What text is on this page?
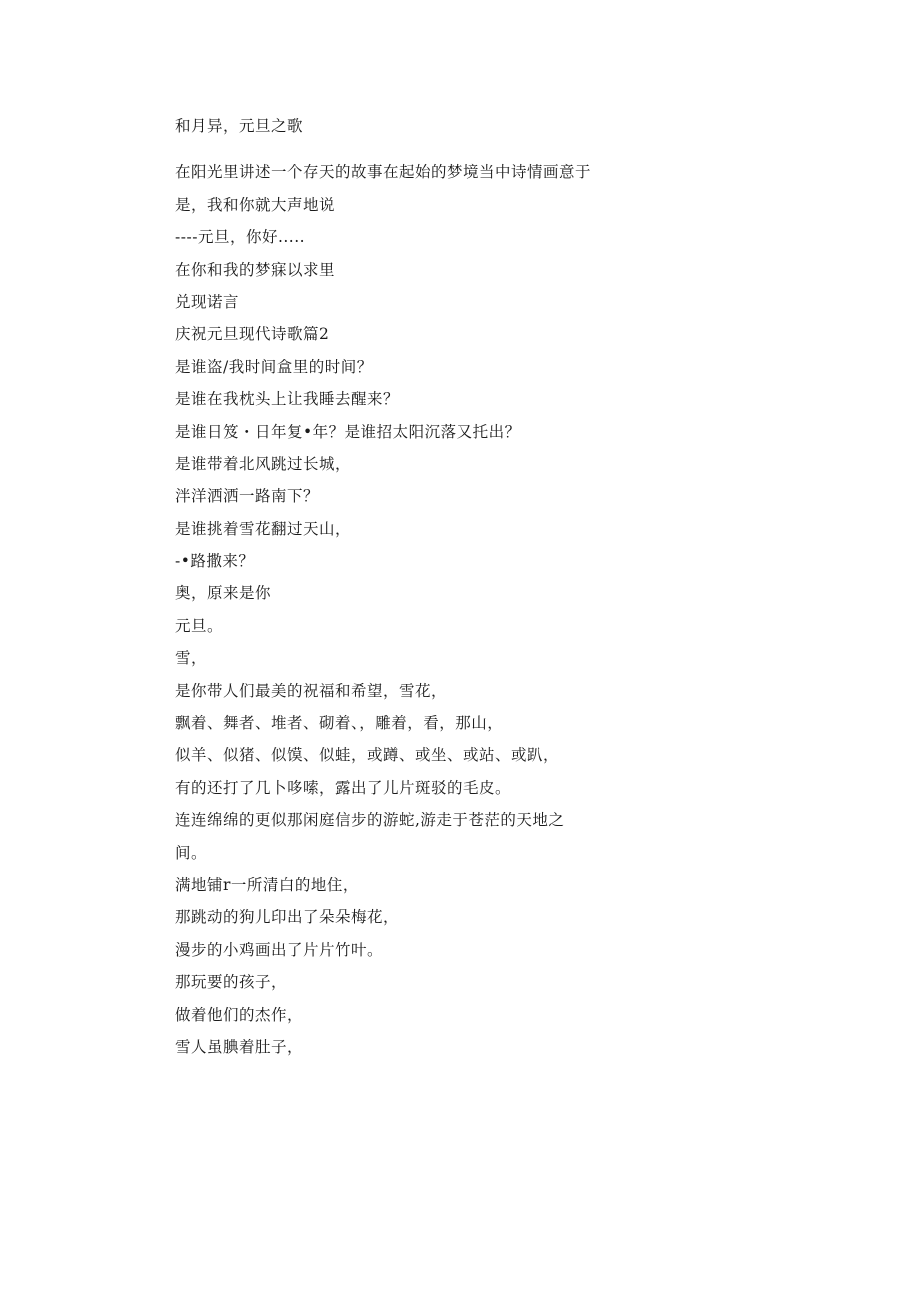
和月异，元旦之歌
在阳光里讲述一个存天的故事在起始的梦境当中诗情画意于
是，我和你就大声地说
----元旦，你好.....
在你和我的梦寐以求里
兑现诺言
庆祝元旦现代诗歌篇2
是谁盗/我时间盒里的时间？
是谁在我枕头上让我睡去醒来？
是谁日笈・日年复•年？是谁招太阳沉落又托出？
是谁带着北风跳过长城，
泮洋洒洒一路南下？
是谁挑着雪花翻过天山，
-•路撒来？
奥，原来是你
元旦。
雪，
是你带人们最美的祝福和希望，雪花，
飘着、舞者、堆者、砌着、，雕着，看，那山，
似羊、似猪、似馍、似蛙，或蹲、或坐、或站、或趴，
有的还打了几卜哆嗦，露出了儿片斑驳的毛皮。
连连绵绵的更似那闲庭信步的游蛇,游走于苍茫的天地之
间。
满地铺r一所清白的地住，
那跳动的狗儿印出了朵朵梅花，
漫步的小鸡画出了片片竹叶。
那玩要的孩子，
做着他们的杰作，
雪人虽腆着肚子，
